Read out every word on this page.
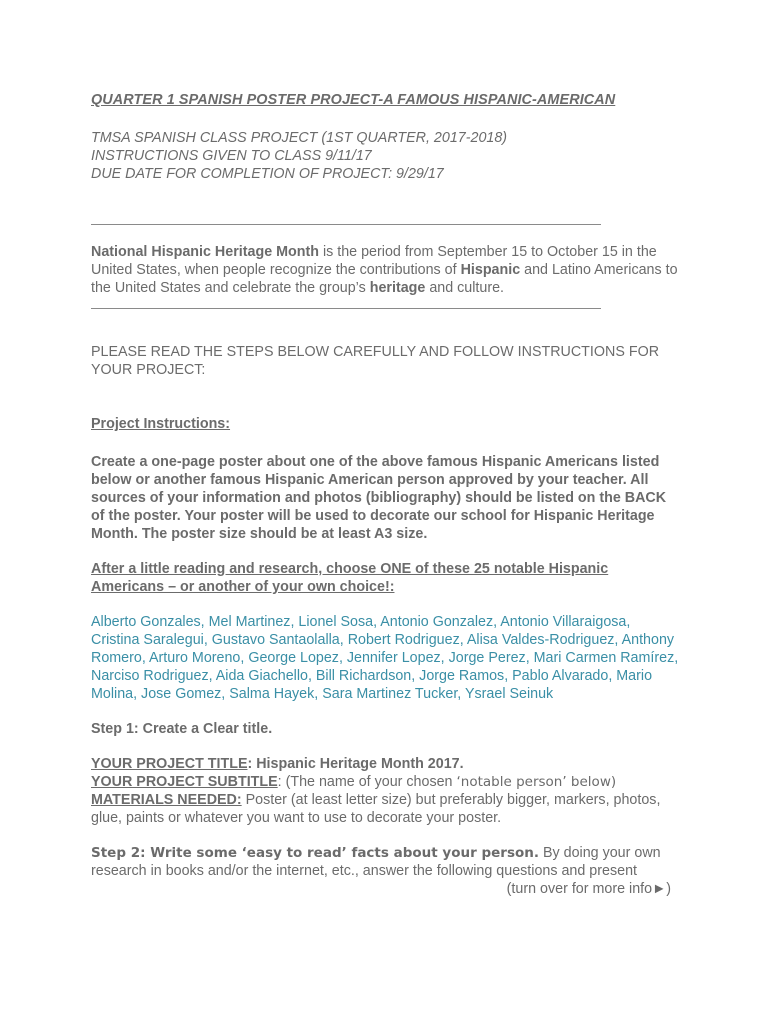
QUARTER 1 SPANISH POSTER PROJECT-A FAMOUS HISPANIC-AMERICAN
TMSA SPANISH CLASS PROJECT (1ST QUARTER, 2017-2018)
INSTRUCTIONS GIVEN TO CLASS 9/11/17
DUE DATE FOR COMPLETION OF PROJECT: 9/29/17
National Hispanic Heritage Month is the period from September 15 to October 15 in the United States, when people recognize the contributions of Hispanic and Latino Americans to the United States and celebrate the group’s heritage and culture.
PLEASE READ THE STEPS BELOW CAREFULLY AND FOLLOW INSTRUCTIONS FOR YOUR PROJECT:
Project Instructions:
Create a one-page poster about one of the above famous Hispanic Americans listed below or another famous Hispanic American person approved by your teacher. All sources of your information and photos (bibliography) should be listed on the BACK of the poster. Your poster will be used to decorate our school for Hispanic Heritage Month. The poster size should be at least A3 size.
After a little reading and research, choose ONE of these 25 notable Hispanic Americans – or another of your own choice!:
Alberto Gonzales, Mel Martinez, Lionel Sosa, Antonio Gonzalez, Antonio Villaraigosa, Cristina Saralegui, Gustavo Santaolalla, Robert Rodriguez, Alisa Valdes-Rodriguez, Anthony Romero, Arturo Moreno, George Lopez, Jennifer Lopez, Jorge Perez, Mari Carmen Ramírez, Narciso Rodriguez, Aida Giachello, Bill Richardson, Jorge Ramos, Pablo Alvarado, Mario Molina, Jose Gomez, Salma Hayek, Sara Martinez Tucker, Ysrael Seinuk
Step 1: Create a Clear title.
YOUR PROJECT TITLE: Hispanic Heritage Month 2017.
YOUR PROJECT SUBTITLE: (The name of your chosen ‘notable person’ below)
MATERIALS NEEDED: Poster (at least letter size) but preferably bigger, markers, photos, glue, paints or whatever you want to use to decorate your poster.
Step 2: Write some ‘easy to read’ facts about your person. By doing your own research in books and/or the internet, etc., answer the following questions and present
(turn over for more info►)
